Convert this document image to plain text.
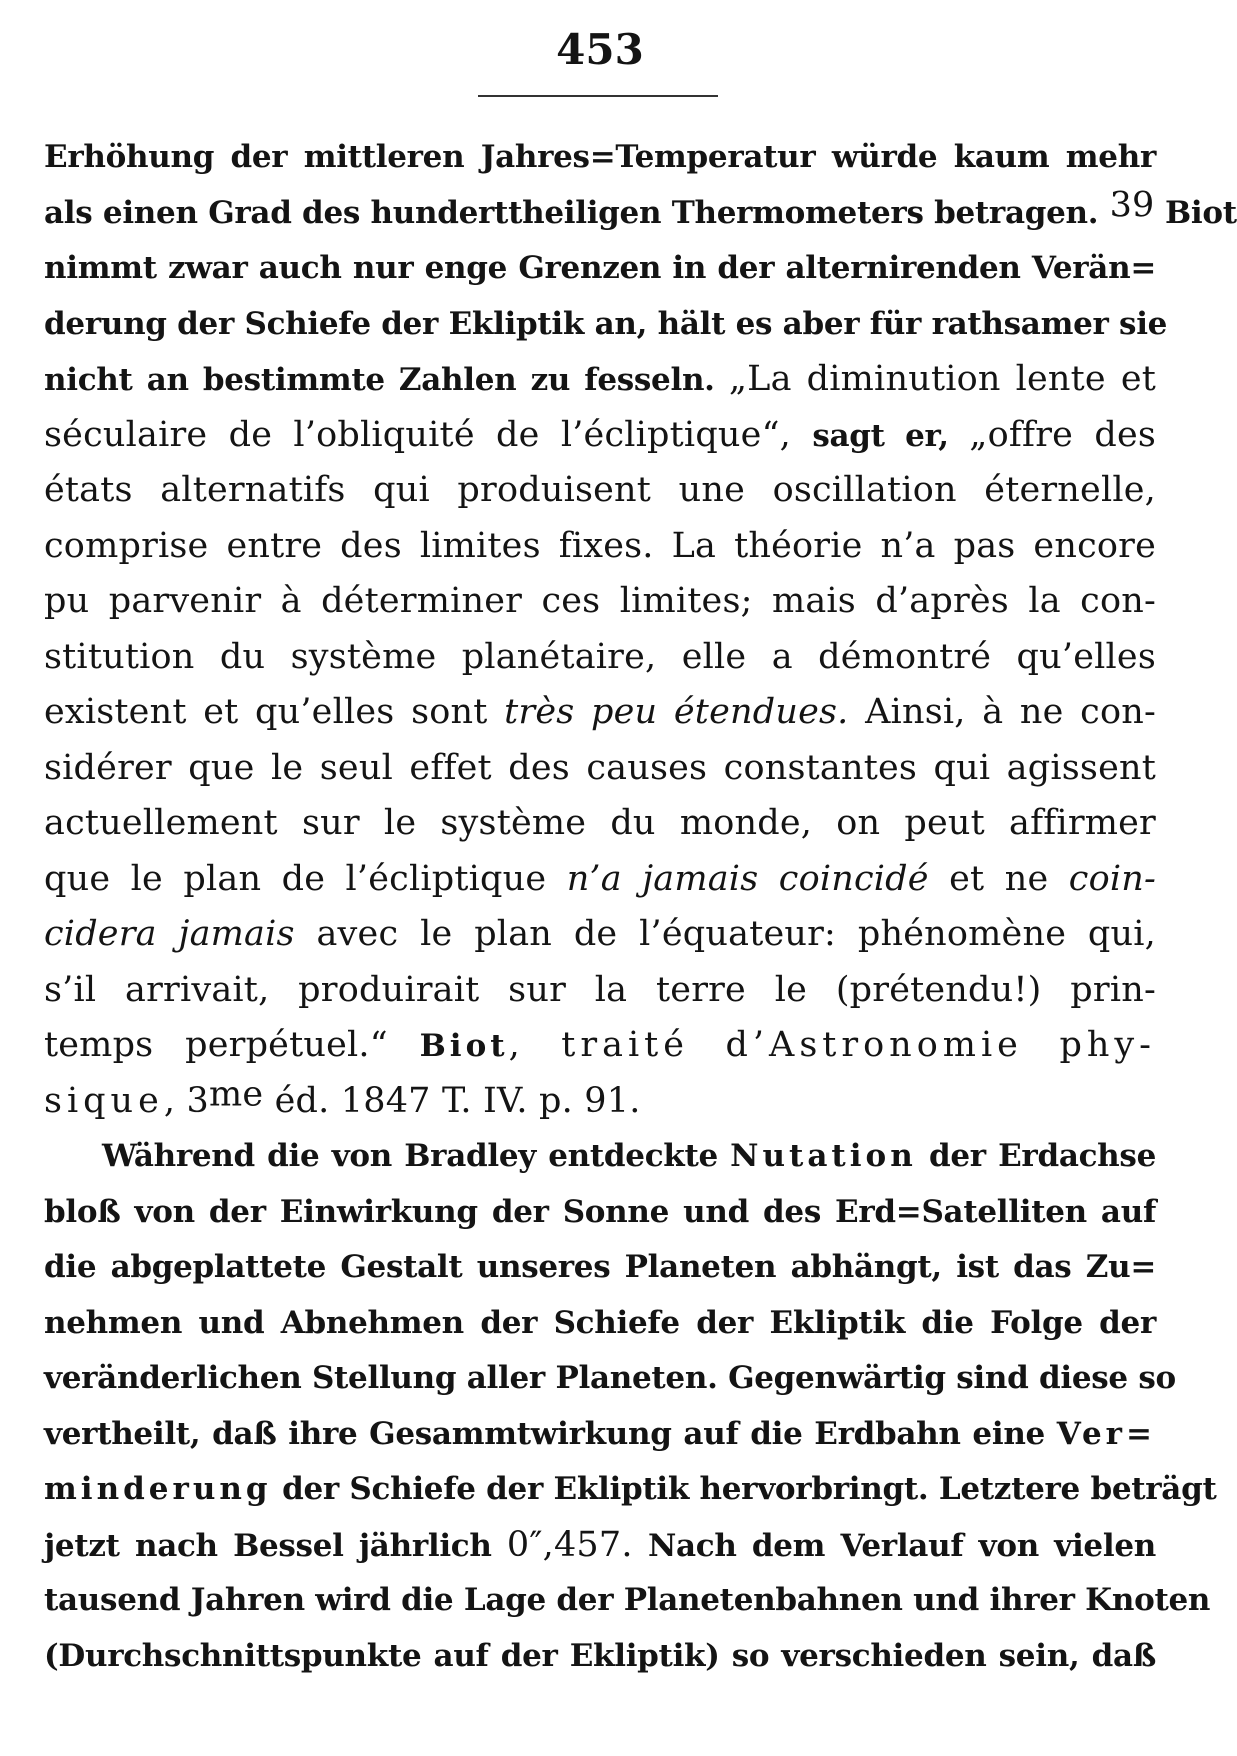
453
Erhöhung der mittleren Jahres=Temperatur würde kaum mehr
als einen Grad des hunderttheiligen Thermometers betragen. $^{39}$ Biot
nimmt zwar auch nur enge Grenzen in der alternirenden Verän=
derung der Schiefe der Ekliptik an, hält es aber für rathsamer sie
nicht an bestimmte Zahlen zu fesseln. „La diminution lente et
séculaire de l’obliquité de l’écliptique“, sagt er, „offre des
états alternatifs qui produisent une oscillation éternelle,
comprise entre des limites fixes. La théorie n’a pas encore
pu parvenir à déterminer ces limites; mais d’après la con-
stitution du système planétaire, elle a démontré qu’elles
existent et qu’elles sont très peu étendues. Ainsi, à ne con-
sidérer que le seul effet des causes constantes qui agissent
actuellement sur le système du monde, on peut affirmer
que le plan de l’écliptique n’a jamais coincidé et ne coin-
cidera jamais avec le plan de l’équateur: phénomène qui,
s’il arrivait, produirait sur la terre le (prétendu!) prin-
temps perpétuel.“ Biot, traité d’Astronomie phy-
sique, $3^{me}$ éd. 1847 T. IV. p. 91.
Während die von Bradley entdeckte Nutation der Erdachse
bloß von der Einwirkung der Sonne und des Erd=Satelliten auf
die abgeplattete Gestalt unseres Planeten abhängt, ist das Zu=
nehmen und Abnehmen der Schiefe der Ekliptik die Folge der
veränderlichen Stellung aller Planeten. Gegenwärtig sind diese so
vertheilt, daß ihre Gesammtwirkung auf die Erdbahn eine Ver=
minderung der Schiefe der Ekliptik hervorbringt. Letztere beträgt
jetzt nach Bessel jährlich 0″,457. Nach dem Verlauf von vielen
tausend Jahren wird die Lage der Planetenbahnen und ihrer Knoten
(Durchschnittspunkte auf der Ekliptik) so verschieden sein, daß
